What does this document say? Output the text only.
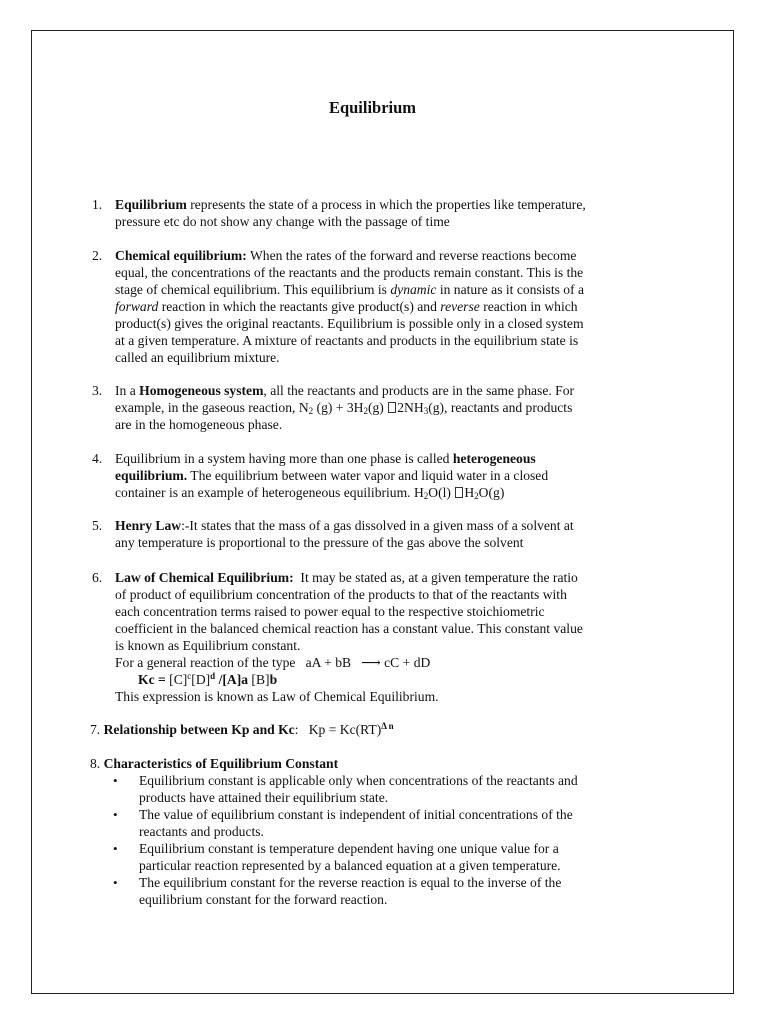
Equilibrium
1. Equilibrium represents the state of a process in which the properties like temperature,
pressure etc do not show any change with the passage of time
2. Chemical equilibrium: When the rates of the forward and reverse reactions become
equal, the concentrations of the reactants and the products remain constant. This is the
stage of chemical equilibrium. This equilibrium is dynamic in nature as it consists of a
forward reaction in which the reactants give product(s) and reverse reaction in which
product(s) gives the original reactants. Equilibrium is possible only in a closed system
at a given temperature. A mixture of reactants and products in the equilibrium state is
called an equilibrium mixture.
3. In a Homogeneous system, all the reactants and products are in the same phase. For
example, in the gaseous reaction, $N_2$ $(g) + 3H_2(g)$ $2NH_3(g)$, reactants and products
are in the homogeneous phase.
4. Equilibrium in a system having more than one phase is called heterogeneous
equilibrium. The equilibrium between water vapor and liquid water in a closed
container is an example of heterogeneous equilibrium. $H_2O(l)$ $H_2O(g)$
5. Henry Law:-It states that the mass of a gas dissolved in a given mass of a solvent at
any temperature is proportional to the pressure of the gas above the solvent
6. Law of Chemical Equilibrium: It may be stated as, at a given temperature the ratio
of product of equilibrium concentration of the products to that of the reactants with
each concentration terms raised to power equal to the respective stoichiometric
coefficient in the balanced chemical reaction has a constant value. This constant value
is known as Equilibrium constant.
For a general reaction of the type aA + bB ⟶ cC + dD
$Kc = [C]^c[D]^d$ /[A]a [B]b
This expression is known as Law of Chemical Equilibrium.
7. Relationship between Kp and Kc: Kp = Kc(RT)$^{\Delta n}$
8. Characteristics of Equilibrium Constant
• Equilibrium constant is applicable only when concentrations of the reactants and
products have attained their equilibrium state.
• The value of equilibrium constant is independent of initial concentrations of the
reactants and products.
• Equilibrium constant is temperature dependent having one unique value for a
particular reaction represented by a balanced equation at a given temperature.
• The equilibrium constant for the reverse reaction is equal to the inverse of the
equilibrium constant for the forward reaction.
